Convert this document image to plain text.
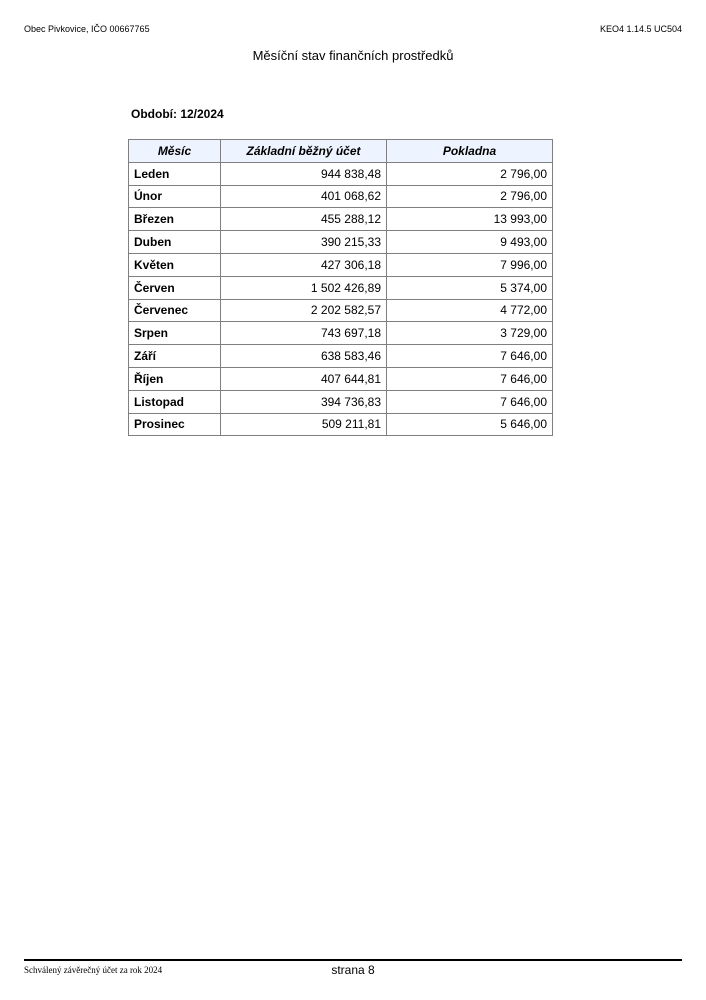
Obec Pivkovice, IČO 00667765	KEO4 1.14.5 UC504
Měsíční stav finančních prostředků
Období: 12/2024
Měsíc	Základní běžný účet	Pokladna
Leden	944 838,48	2 796,00
Únor	401 068,62	2 796,00
Březen	455 288,12	13 993,00
Duben	390 215,33	9 493,00
Květen	427 306,18	7 996,00
Červen	1 502 426,89	5 374,00
Červenec	2 202 582,57	4 772,00
Srpen	743 697,18	3 729,00
Září	638 583,46	7 646,00
Říjen	407 644,81	7 646,00
Listopad	394 736,83	7 646,00
Prosinec	509 211,81	5 646,00
Schválený závěrečný účet za rok 2024	strana 8
